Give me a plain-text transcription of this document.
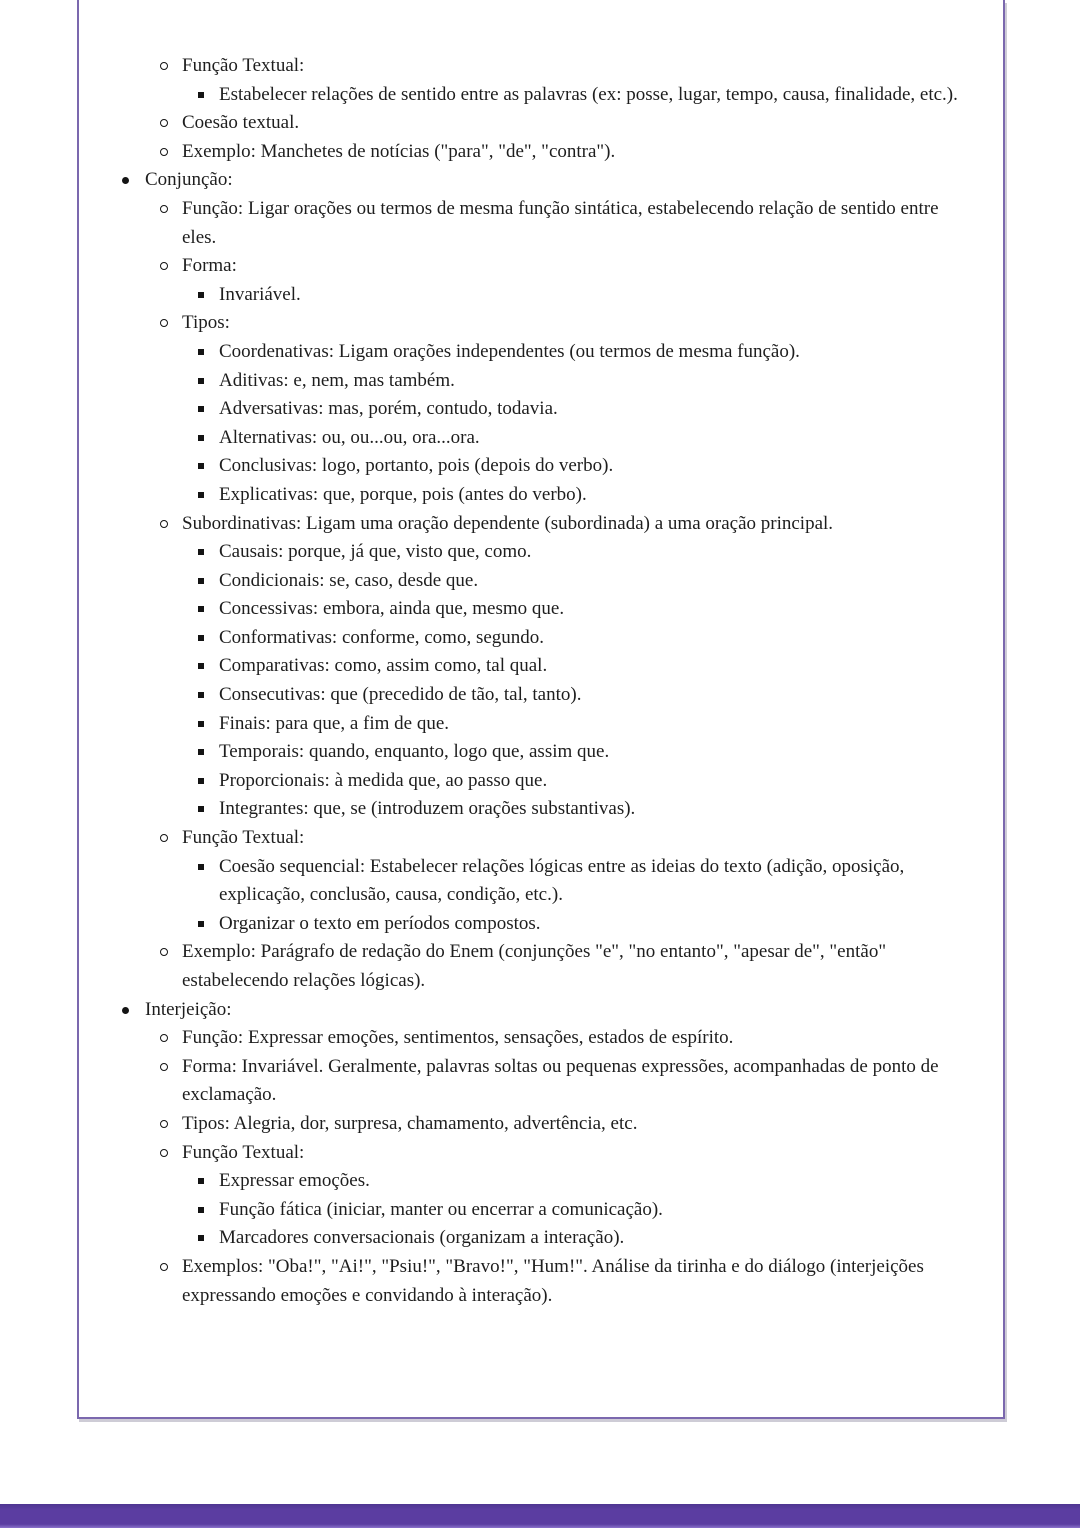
Função Textual:
Estabelecer relações de sentido entre as palavras (ex: posse, lugar, tempo, causa, finalidade, etc.).
Coesão textual.
Exemplo: Manchetes de notícias ("para", "de", "contra").
Conjunção:
Função: Ligar orações ou termos de mesma função sintática, estabelecendo relação de sentido entre eles.
Forma:
Invariável.
Tipos:
Coordenativas: Ligam orações independentes (ou termos de mesma função).
Aditivas: e, nem, mas também.
Adversativas: mas, porém, contudo, todavia.
Alternativas: ou, ou...ou, ora...ora.
Conclusivas: logo, portanto, pois (depois do verbo).
Explicativas: que, porque, pois (antes do verbo).
Subordinativas: Ligam uma oração dependente (subordinada) a uma oração principal.
Causais: porque, já que, visto que, como.
Condicionais: se, caso, desde que.
Concessivas: embora, ainda que, mesmo que.
Conformativas: conforme, como, segundo.
Comparativas: como, assim como, tal qual.
Consecutivas: que (precedido de tão, tal, tanto).
Finais: para que, a fim de que.
Temporais: quando, enquanto, logo que, assim que.
Proporcionais: à medida que, ao passo que.
Integrantes: que, se (introduzem orações substantivas).
Função Textual:
Coesão sequencial: Estabelecer relações lógicas entre as ideias do texto (adição, oposição, explicação, conclusão, causa, condição, etc.).
Organizar o texto em períodos compostos.
Exemplo: Parágrafo de redação do Enem (conjunções "e", "no entanto", "apesar de", "então" estabelecendo relações lógicas).
Interjeição:
Função: Expressar emoções, sentimentos, sensações, estados de espírito.
Forma: Invariável. Geralmente, palavras soltas ou pequenas expressões, acompanhadas de ponto de exclamação.
Tipos: Alegria, dor, surpresa, chamamento, advertência, etc.
Função Textual:
Expressar emoções.
Função fática (iniciar, manter ou encerrar a comunicação).
Marcadores conversacionais (organizam a interação).
Exemplos: "Oba!", "Ai!", "Psiu!", "Bravo!", "Hum!". Análise da tirinha e do diálogo (interjeições expressando emoções e convidando à interação).
